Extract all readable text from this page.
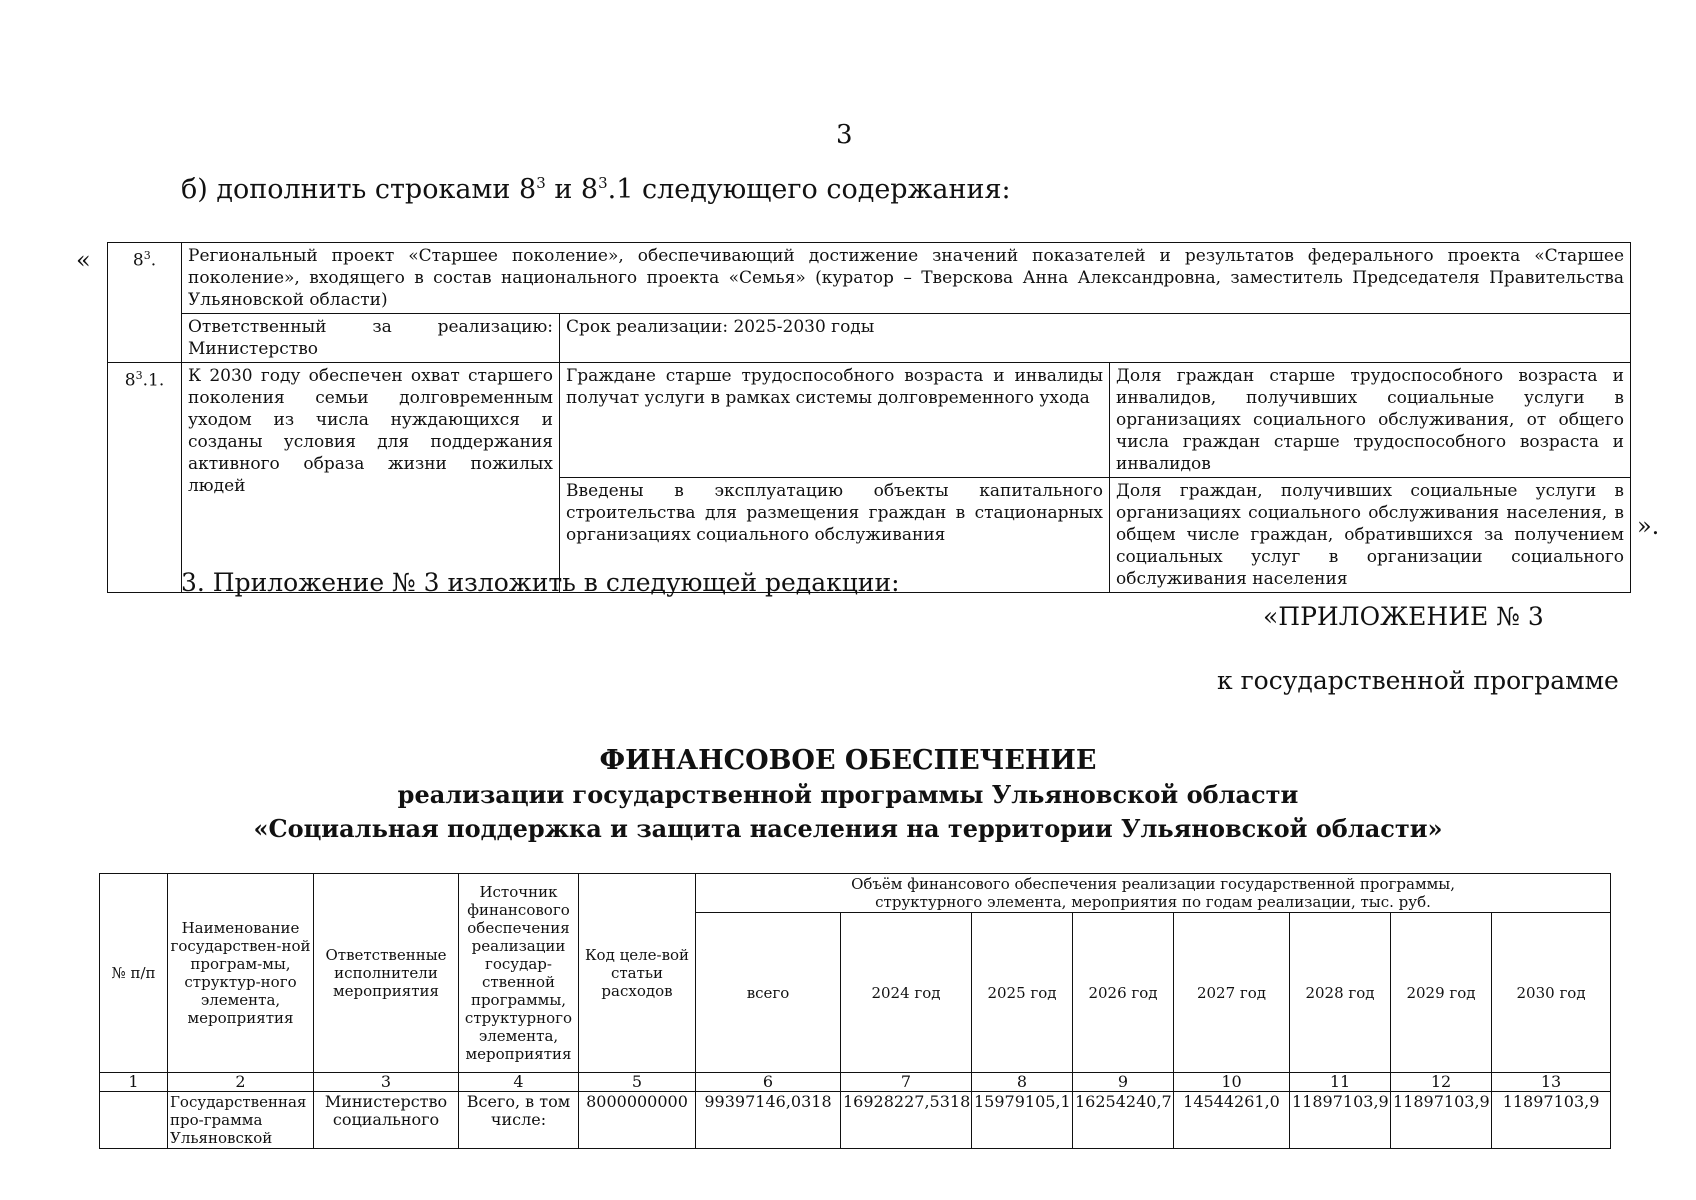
3
б) дополнить строками $8^3$ и $8^3.1$ следующего содержания:
« $8^3$.	Региональный проект «Старшее поколение», обеспечивающий достижение значений показателей и результатов федерального проекта «Старшее поколение», входящего в состав национального проекта «Семья» (куратор – Тверскова Анна Александровна, заместитель Председателя Правительства Ульяновской области)		
	Ответственный за реализацию: Министерство	Срок реализации: 2025-2030 годы	
$8^3.1$.	К 2030 году обеспечен охват старшего поколения семьи долговременным уходом из числа нуждающихся и созданы условия для поддержания активного образа жизни пожилых людей	Граждане старше трудоспособного возраста и инвалиды получат услуги в рамках системы долговременного ухода	Доля граждан старше трудоспособного возраста и инвалидов, получивших социальные услуги в организациях социального обслуживания, от общего числа граждан старше трудоспособного возраста и инвалидов
		Введены в эксплуатацию объекты капитального строительства для размещения граждан в стационарных организациях социального обслуживания	Доля граждан, получивших социальные услуги в организациях социального обслуживания населения, в общем числе граждан, обратившихся за получением социальных услуг в организации социального обслуживания населения
».
3. Приложение № 3 изложить в следующей редакции:
«ПРИЛОЖЕНИЕ № 3
к государственной программе
ФИНАНСОВОЕ ОБЕСПЕЧЕНИЕ
реализации государственной программы Ульяновской области
«Социальная поддержка и защита населения на территории Ульяновской области»
№ п/п	Наименование государствен-ной програм-мы, структур-ного элемента, мероприятия	Ответственные исполнители мероприятия	Источник финансового обеспечения реализации государ-ственной программы, структурного элемента, мероприятия	Код целе-вой статьи расходов	Объём финансового обеспечения реализации государственной программы, структурного элемента, мероприятия по годам реализации, тыс. руб.							
					всего	2024 год	2025 год	2026 год	2027 год	2028 год	2029 год	2030 год
1	2	3	4	5	6	7	8	9	10	11	12	13
	Государственная про-грамма Ульяновской	Министерство социального	Всего, в том числе:	8000000000	99397146,0318	16928227,5318	15979105,1	16254240,7	14544261,0	11897103,9	11897103,9	11897103,9
